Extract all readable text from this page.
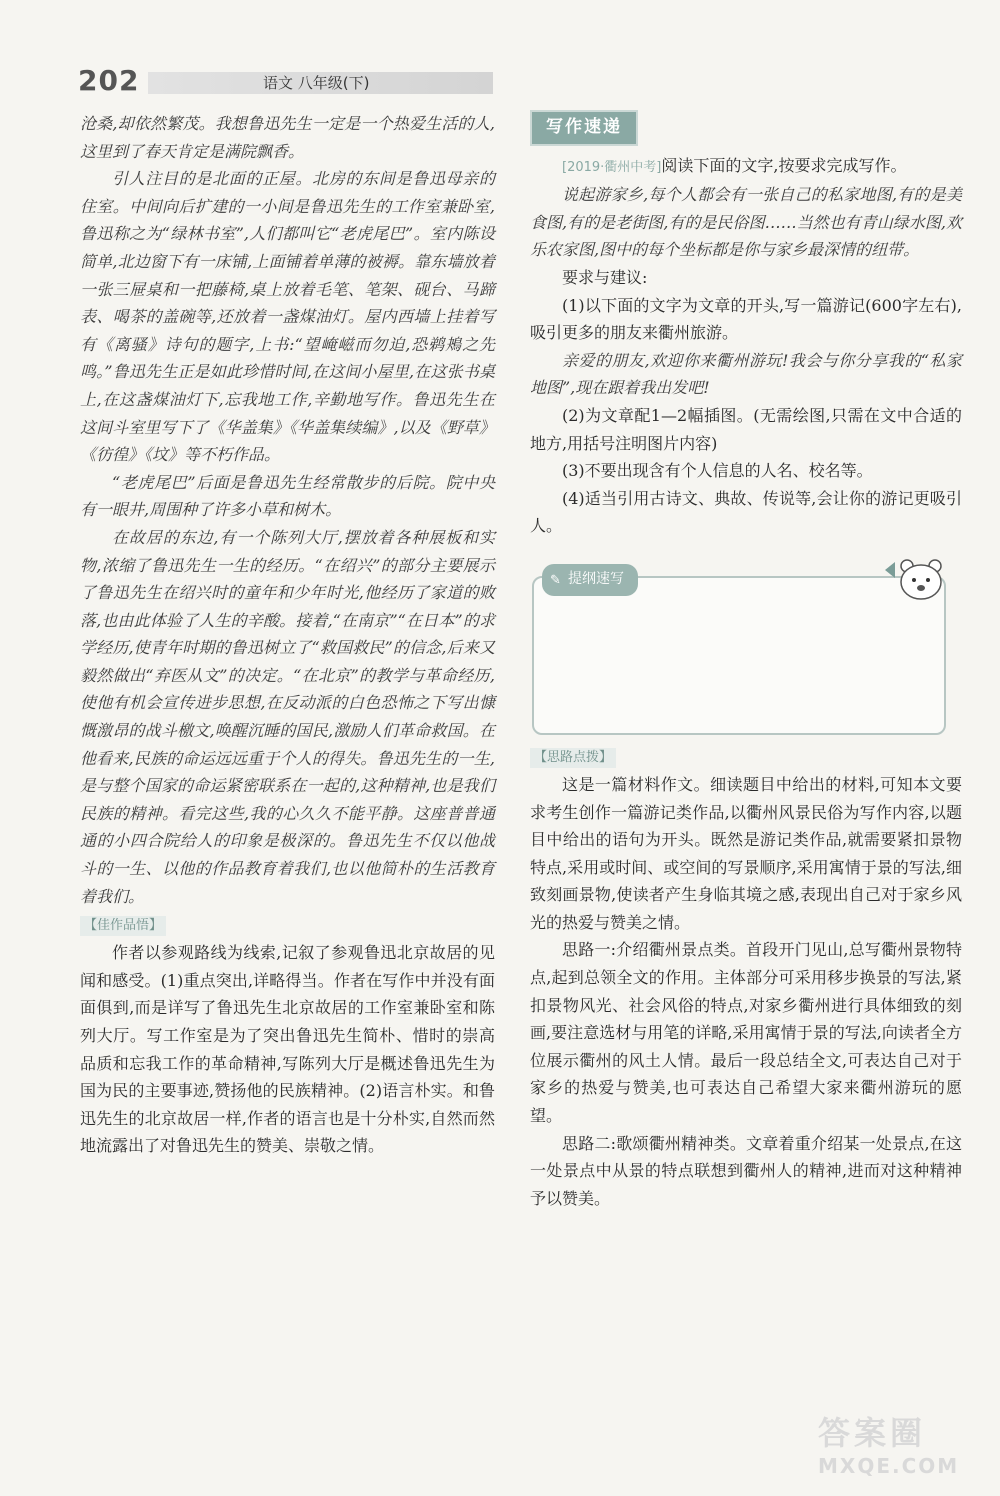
202	语文 八年级(下)

沧桑,却依然繁茂。我想鲁迅先生一定是一个热爱生活的人,这里到了春天肯定是满院飘香。

引人注目的是北面的正屋。北房的东间是鲁迅母亲的住室。中间向后扩建的一小间是鲁迅先生的工作室兼卧室,鲁迅称之为“绿林书室”,人们都叫它“老虎尾巴”。室内陈设简单,北边窗下有一床铺,上面铺着单薄的被褥。靠东墙放着一张三屉桌和一把藤椅,桌上放着毛笔、笔架、砚台、马蹄表、喝茶的盖碗等,还放着一盏煤油灯。屋内西墙上挂着写有《离骚》诗句的题字,上书:“望崦嵫而勿迫,恐鹈鴂之先鸣。”鲁迅先生正是如此珍惜时间,在这间小屋里,在这张书桌上,在这盏煤油灯下,忘我地工作,辛勤地写作。鲁迅先生在这间斗室里写下了《华盖集》《华盖集续编》,以及《野草》《彷徨》《坟》等不朽作品。

“老虎尾巴”后面是鲁迅先生经常散步的后院。院中央有一眼井,周围种了许多小草和树木。

在故居的东边,有一个陈列大厅,摆放着各种展板和实物,浓缩了鲁迅先生一生的经历。“在绍兴”的部分主要展示了鲁迅先生在绍兴时的童年和少年时光,他经历了家道的败落,也由此体验了人生的辛酸。接着,“在南京”“在日本”的求学经历,使青年时期的鲁迅树立了“救国救民”的信念,后来又毅然做出“弃医从文”的决定。“在北京”的教学与革命经历,使他有机会宣传进步思想,在反动派的白色恐怖之下写出慷慨激昂的战斗檄文,唤醒沉睡的国民,激励人们革命救国。在他看来,民族的命运远远重于个人的得失。鲁迅先生的一生,是与整个国家的命运紧密联系在一起的,这种精神,也是我们民族的精神。看完这些,我的心久久不能平静。这座普普通通的小四合院给人的印象是极深的。鲁迅先生不仅以他战斗的一生、以他的作品教育着我们,也以他简朴的生活教育着我们。

【佳作品悟】

作者以参观路线为线索,记叙了参观鲁迅北京故居的见闻和感受。(1)重点突出,详略得当。作者在写作中并没有面面俱到,而是详写了鲁迅先生北京故居的工作室兼卧室和陈列大厅。写工作室是为了突出鲁迅先生简朴、惜时的崇高品质和忘我工作的革命精神,写陈列大厅是概述鲁迅先生为国为民的主要事迹,赞扬他的民族精神。(2)语言朴实。和鲁迅先生的北京故居一样,作者的语言也是十分朴实,自然而然地流露出了对鲁迅先生的赞美、崇敬之情。

写作速递

[2019·衢州中考]阅读下面的文字,按要求完成写作。

说起游家乡,每个人都会有一张自己的私家地图,有的是美食图,有的是老街图,有的是民俗图……当然也有青山绿水图,欢乐农家图,图中的每个坐标都是你与家乡最深情的纽带。

要求与建议:

(1)以下面的文字为文章的开头,写一篇游记(600字左右),吸引更多的朋友来衢州旅游。

亲爱的朋友,欢迎你来衢州游玩!我会与你分享我的“私家地图”,现在跟着我出发吧!

(2)为文章配1—2幅插图。(无需绘图,只需在文中合适的地方,用括号注明图片内容)

(3)不要出现含有个人信息的人名、校名等。

(4)适当引用古诗文、典故、传说等,会让你的游记更吸引人。

✎ 提纲速写
【思路点拨】

这是一篇材料作文。细读题目中给出的材料,可知本文要求考生创作一篇游记类作品,以衢州风景民俗为写作内容,以题目中给出的语句为开头。既然是游记类作品,就需要紧扣景物特点,采用或时间、或空间的写景顺序,采用寓情于景的写法,细致刻画景物,使读者产生身临其境之感,表现出自己对于家乡风光的热爱与赞美之情。

思路一:介绍衢州景点类。首段开门见山,总写衢州景物特点,起到总领全文的作用。主体部分可采用移步换景的写法,紧扣景物风光、社会风俗的特点,对家乡衢州进行具体细致的刻画,要注意选材与用笔的详略,采用寓情于景的写法,向读者全方位展示衢州的风土人情。最后一段总结全文,可表达自己对于家乡的热爱与赞美,也可表达自己希望大家来衢州游玩的愿望。

思路二:歌颂衢州精神类。文章着重介绍某一处景点,在这一处景点中从景的特点联想到衢州人的精神,进而对这种精神予以赞美。

答案圈
MXQE.COM
